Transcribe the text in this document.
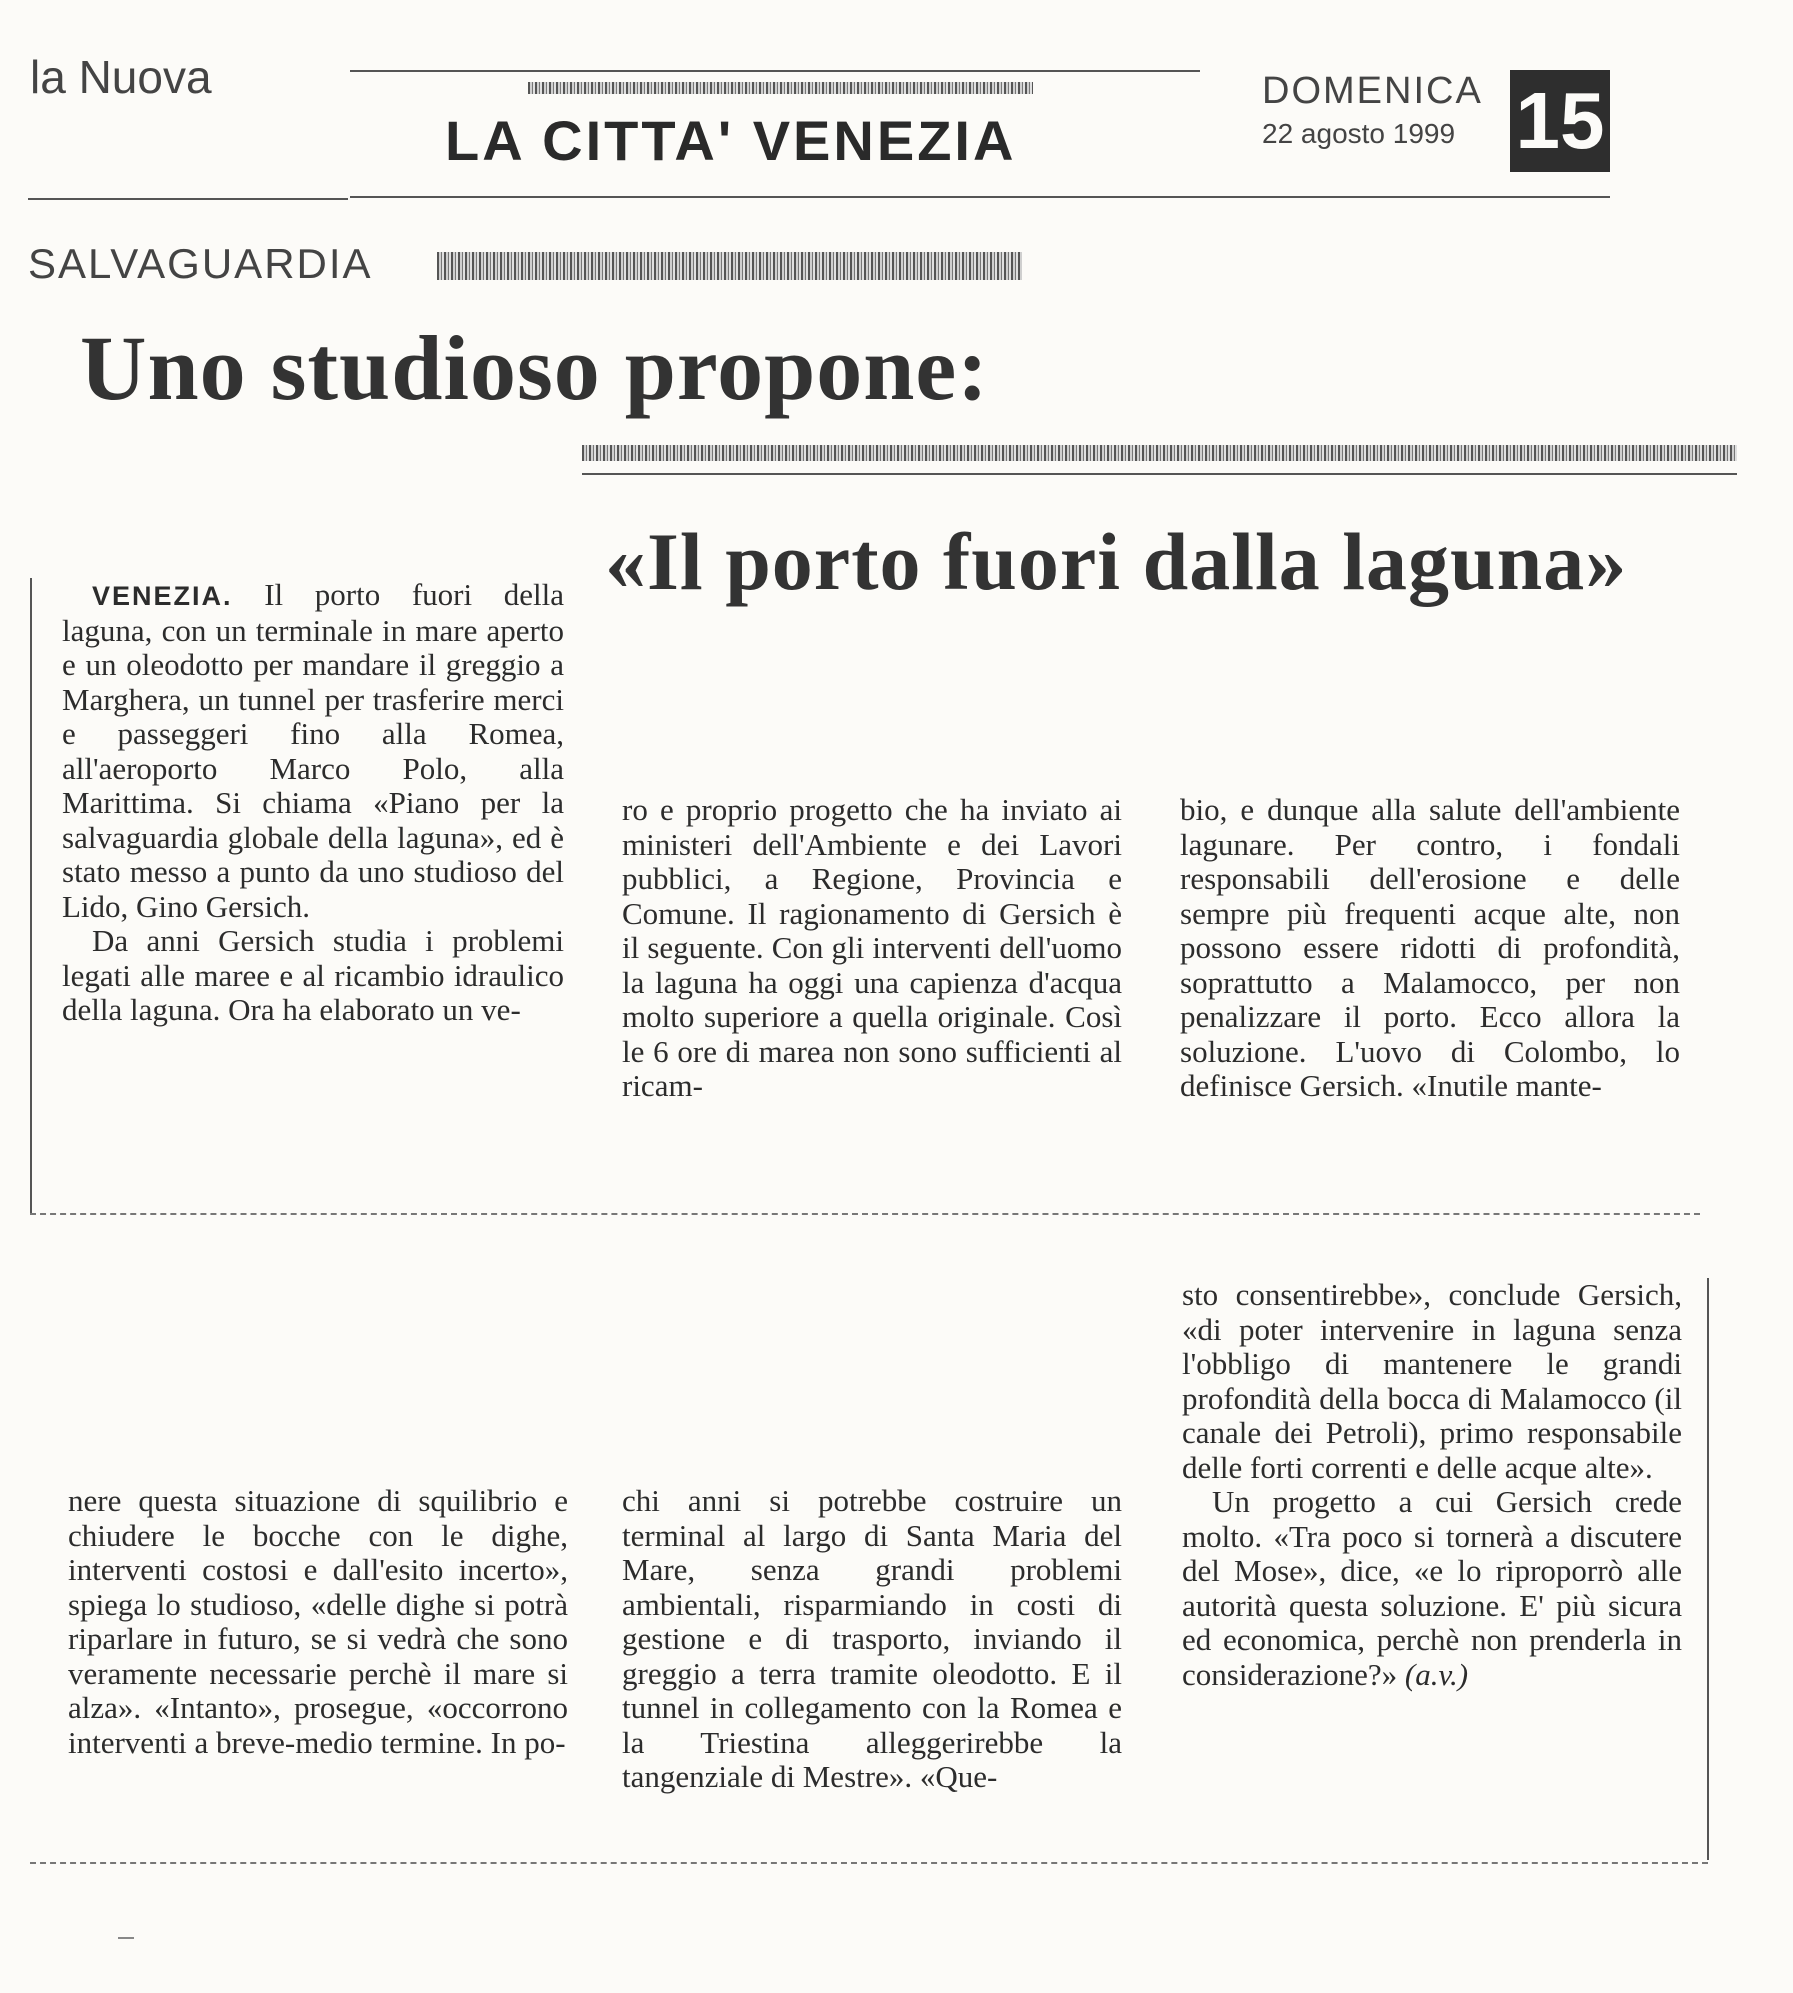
la Nuova
LA CITTA' VENEZIA
DOMENICA
22 agosto 1999 15
SALVAGUARDIA
Uno studioso propone:
«Il porto fuori dalla laguna»

VENEZIA. Il porto fuori della laguna, con un terminale in mare aperto e un oleodotto per mandare il greggio a Marghera, un tunnel per trasferire merci e passeggeri fino alla Romea, all'aeroporto Marco Polo, alla Marittima. Si chiama «Piano per la salvaguardia globale della laguna», ed è stato messo a punto da uno studioso del Lido, Gino Gersich.

Da anni Gersich studia i problemi legati alle maree e al ricambio idraulico della laguna. Ora ha elaborato un ve-

ro e proprio progetto che ha inviato ai ministeri dell'Ambiente e dei Lavori pubblici, a Regione, Provincia e Comune. Il ragionamento di Gersich è il seguente. Con gli interventi dell'uomo la laguna ha oggi una capienza d'acqua molto superiore a quella originale. Così le 6 ore di marea non sono sufficienti al ricam-

bio, e dunque alla salute dell'ambiente lagunare. Per contro, i fondali responsabili dell'erosione e delle sempre più frequenti acque alte, non possono essere ridotti di profondità, soprattutto a Malamocco, per non penalizzare il porto. Ecco allora la soluzione. L'uovo di Colombo, lo definisce Gersich. «Inutile mante-

nere questa situazione di squilibrio e chiudere le bocche con le dighe, interventi costosi e dall'esito incerto», spiega lo studioso, «delle dighe si potrà riparlare in futuro, se si vedrà che sono veramente necessarie perchè il mare si alza». «Intanto», prosegue, «occorrono interventi a breve-medio termine. In po-

chi anni si potrebbe costruire un terminal al largo di Santa Maria del Mare, senza grandi problemi ambientali, risparmiando in costi di gestione e di trasporto, inviando il greggio a terra tramite oleodotto. E il tunnel in collegamento con la Romea e la Triestina alleggerirebbe la tangenziale di Mestre». «Que-

sto consentirebbe», conclude Gersich, «di poter intervenire in laguna senza l'obbligo di mantenere le grandi profondità della bocca di Malamocco (il canale dei Petroli), primo responsabile delle forti correnti e delle acque alte».

Un progetto a cui Gersich crede molto. «Tra poco si tornerà a discutere del Mose», dice, «e lo riproporrò alle autorità questa soluzione. E' più sicura ed economica, perchè non prenderla in considerazione?» (a.v.)
